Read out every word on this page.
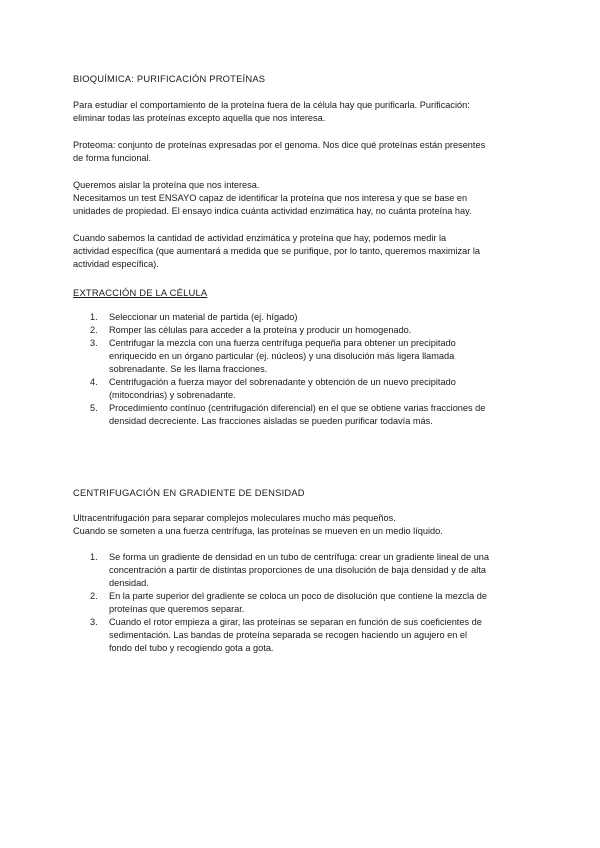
BIOQUÍMICA: PURIFICACIÓN PROTEÍNAS

Para estudiar el comportamiento de la proteína fuera de la célula hay que purificarla. Purificación:
eliminar todas las proteínas excepto aquella que nos interesa.

Proteoma: conjunto de proteínas expresadas por el genoma. Nos dice qué proteínas están presentes
de forma funcional.

Queremos aislar la proteína que nos interesa.
Necesitamos un test ENSAYO capaz de identificar la proteína que nos interesa y que se base en
unidades de propiedad. El ensayo indica cuánta actividad enzimática hay, no cuánta proteína hay.

Cuando sabemos la cantidad de actividad enzimática y proteína que hay, podemos medir la
actividad específica (que aumentará a medida que se purifique, por lo tanto, queremos maximizar la
actividad específica).

EXTRACCIÓN DE LA CÉLULA
1. Seleccionar un material de partida (ej. hígado)
2. Romper las células para acceder a la proteína y producir un homogenado.
3. Centrifugar la mezcla con una fuerza centrífuga pequeña para obtener un precipitado
enriquecido en un órgano particular (ej. núcleos) y una disolución más ligera llamada
sobrenadante. Se les llama fracciones.
4. Centrifugación a fuerza mayor del sobrenadante y obtención de un nuevo precipitado
(mitocondrias) y sobrenadante.
5. Procedimiento contínuo (centrifugación diferencial) en el que se obtiene varias fracciones de
densidad decreciente. Las fracciones aisladas se pueden purificar todavía más.
CENTRIFUGACIÓN EN GRADIENTE DE DENSIDAD

Ultracentrifugación para separar complejos moleculares mucho más pequeños.
Cuando se someten a una fuerza centrífuga, las proteínas se mueven en un medio líquido.

1. Se forma un gradiente de densidad en un tubo de centrífuga: crear un gradiente lineal de una
concentración a partir de distintas proporciones de una disolución de baja densidad y de alta
densidad.
2. En la parte superior del gradiente se coloca un poco de disolución que contiene la mezcla de
proteínas que queremos separar.
3. Cuando el rotor empieza a girar, las proteínas se separan en función de sus coeficientes de
sedimentación. Las bandas de proteína separada se recogen haciendo un agujero en el
fondo del tubo y recogiendo gota a gota.
